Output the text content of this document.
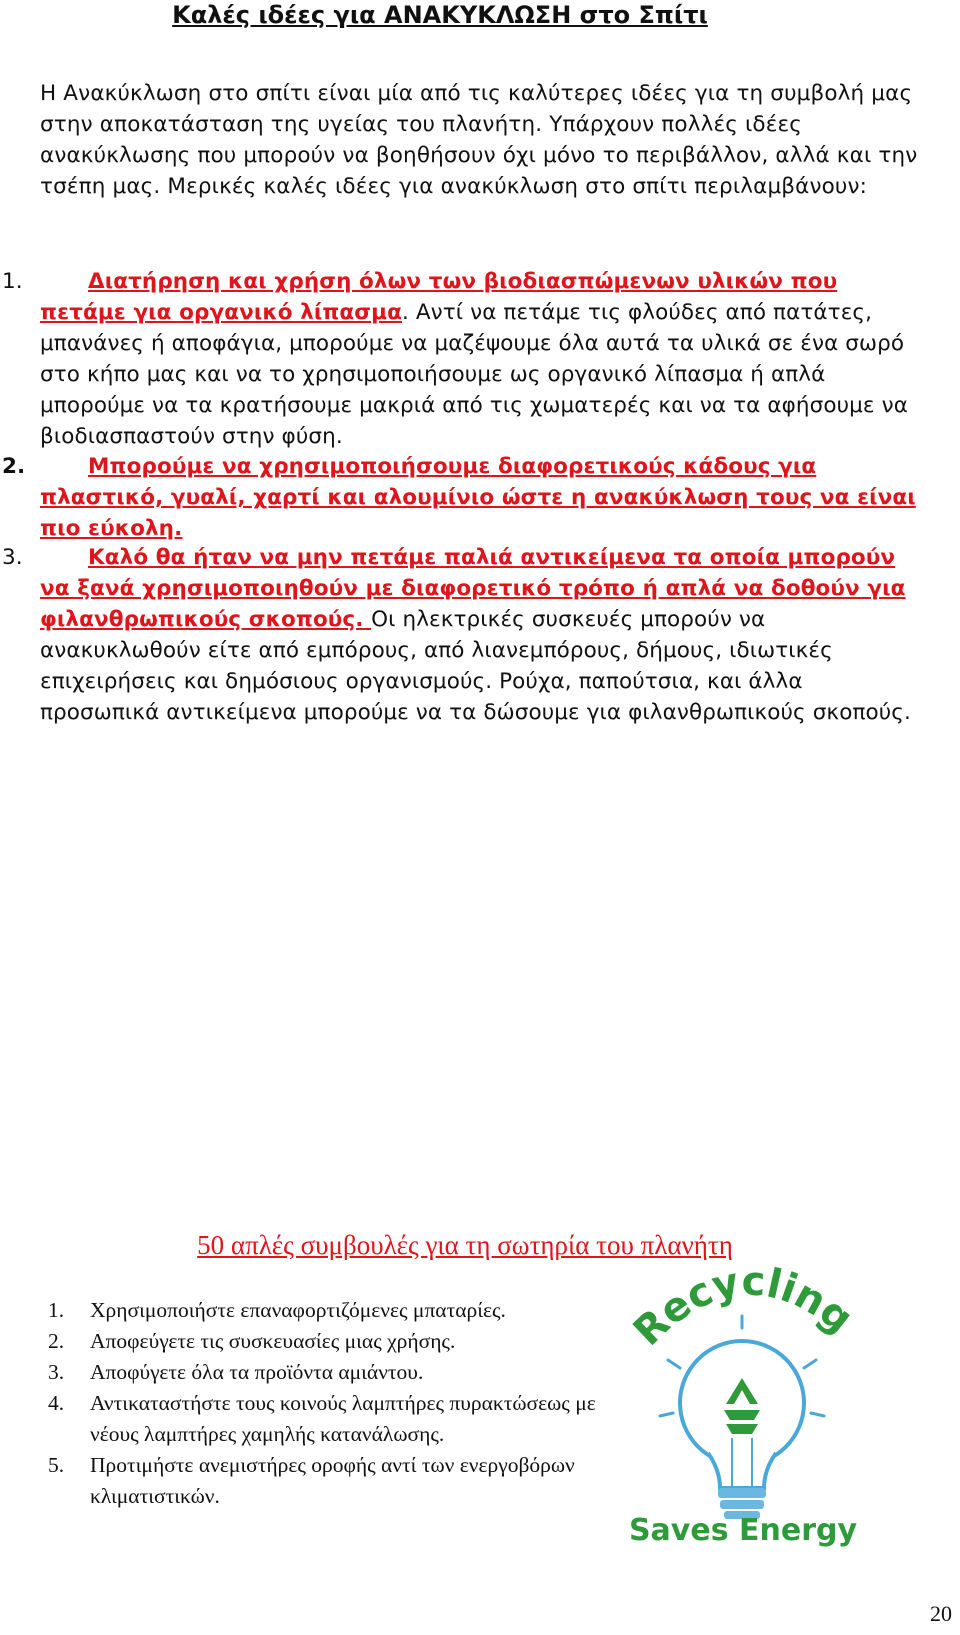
Καλές ιδέες για ΑΝΑΚΥΚΛΩΣΗ στο Σπίτι
Η Ανακύκλωση στο σπίτι είναι μία από τις καλύτερες ιδέες για τη συμβολή μας στην αποκατάσταση της υγείας του πλανήτη. Υπάρχουν πολλές ιδέες ανακύκλωσης που μπορούν να βοηθήσουν όχι μόνο το περιβάλλον, αλλά και την τσέπη μας. Μερικές καλές ιδέες για ανακύκλωση στο σπίτι περιλαμβάνουν:
1.	Διατήρηση και χρήση όλων των βιοδιασπώμενων υλικών που πετάμε για οργανικό λίπασμα. Αντί να πετάμε τις φλούδες από πατάτες, μπανάνες ή αποφάγια, μπορούμε να μαζέψουμε όλα αυτά τα υλικά σε ένα σωρό στο κήπο μας και να το χρησιμοποιήσουμε ως οργανικό λίπασμα ή απλά μπορούμε να τα κρατήσουμε μακριά από τις χωματερές και να τα αφήσουμε να βιοδιασπαστούν στην φύση.
2.	Μπορούμε να χρησιμοποιήσουμε διαφορετικούς κάδους για πλαστικό, γυαλί, χαρτί και αλουμίνιο ώστε η ανακύκλωση τους να είναι πιο εύκολη.
3.	Καλό θα ήταν να μην πετάμε παλιά αντικείμενα τα οποία μπορούν να ξανά χρησιμοποιηθούν με διαφορετικό τρόπο ή απλά να δοθούν για φιλανθρωπικούς σκοπούς. Οι ηλεκτρικές συσκευές μπορούν να ανακυκλωθούν είτε από εμπόρους, από λιανεμπόρους, δήμους, ιδιωτικές επιχειρήσεις και δημόσιους οργανισμούς. Ρούχα, παπούτσια, και άλλα προσωπικά αντικείμενα μπορούμε να τα δώσουμε για φιλανθρωπικούς σκοπούς.
50 απλές συμβουλές για τη σωτηρία του πλανήτη
1. Χρησιμοποιήστε επαναφορτιζόμενες μπαταρίες.
2. Αποφεύγετε τις συσκευασίες μιας χρήσης.
3. Αποφύγετε όλα τα προϊόντα αμιάντου.
4. Αντικαταστήστε τους κοινούς λαμπτήρες πυρακτώσεως με νέους λαμπτήρες χαμηλής κατανάλωσης.
5. Προτιμήστε ανεμιστήρες οροφής αντί των ενεργοβόρων κλιματιστικών.
Recycling
Saves Energy
20
